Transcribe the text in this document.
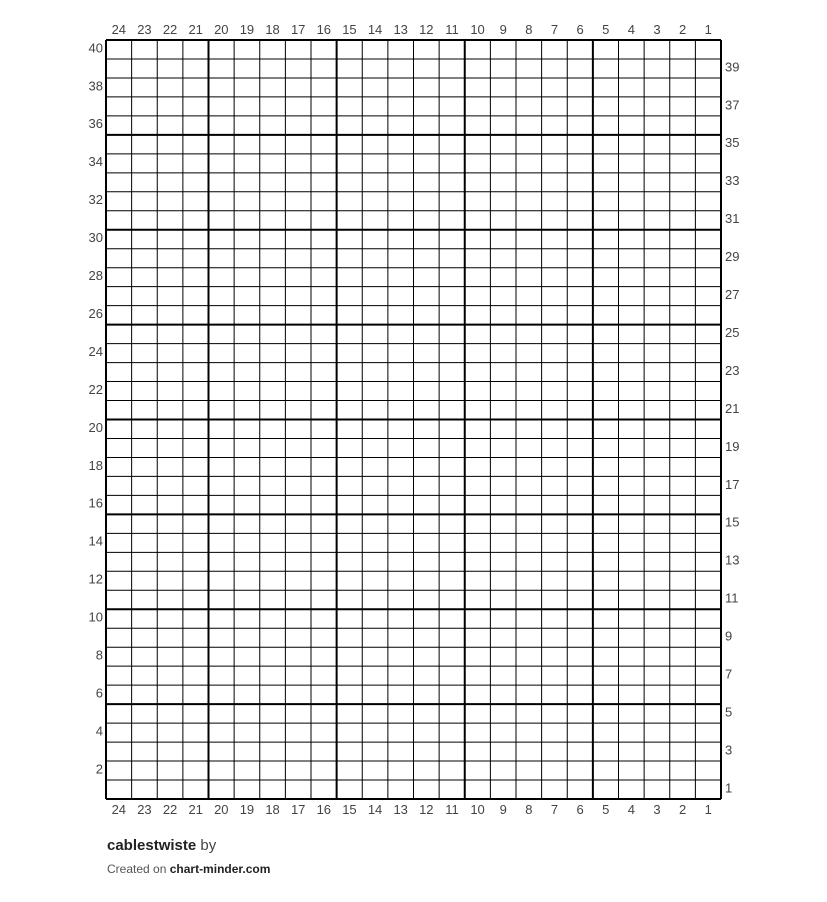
24
24
23
23
22
22
21
21
20
20
19
19
18
18
17
17
16
16
15
15
14
14
13
13
12
12
11
11
10
10
9
9
8
8
7
7
6
6
5
5
4
4
3
3
2
2
1
1
40
38
36
34
32
30
28
26
24
22
20
18
16
14
12
10
8
6
4
2
39
37
35
33
31
29
27
25
23
21
19
17
15
13
11
9
7
5
3
1
cablestwiste by
Created on chart-minder.com
